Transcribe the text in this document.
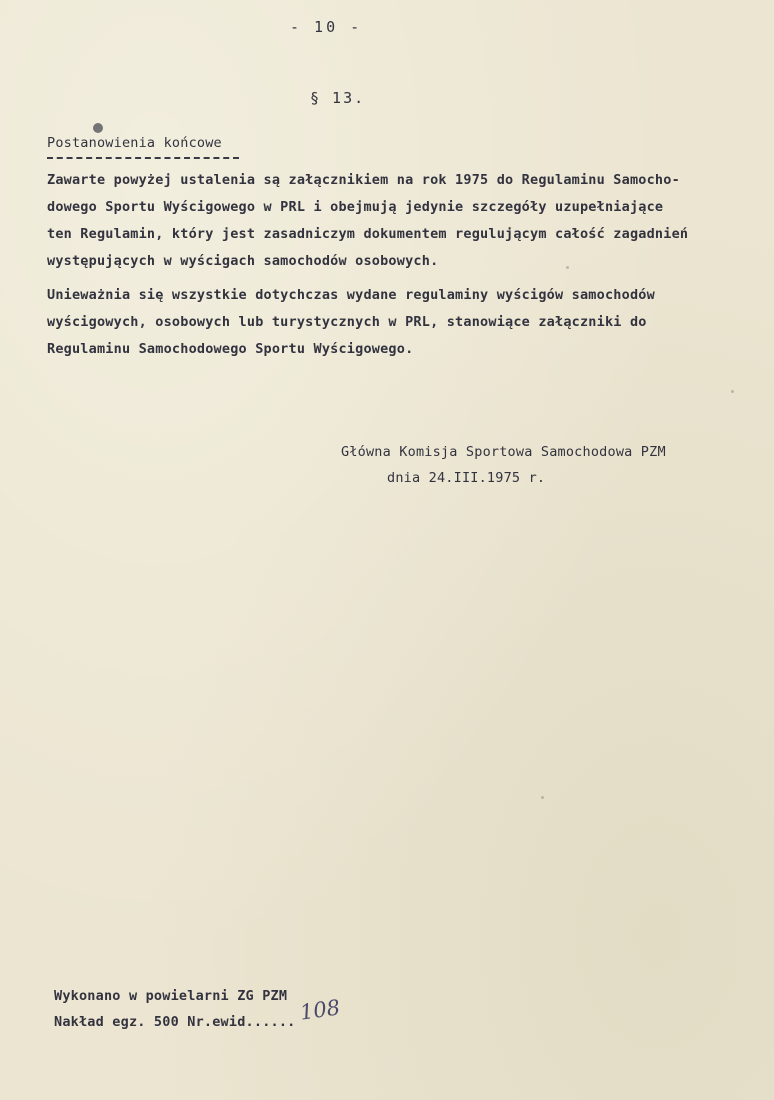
- 10 -
§ 13.
Postanowienia końcowe
Zawarte powyżej ustalenia są załącznikiem na rok 1975 do Regulaminu Samocho-
dowego Sportu Wyścigowego w PRL i obejmują jedynie szczegóły uzupełniające
ten Regulamin, który jest zasadniczym dokumentem regulującym całość zagadnień
występujących w wyścigach samochodów osobowych.
Unieważnia się wszystkie dotychczas wydane regulaminy wyścigów samochodów
wyścigowych, osobowych lub turystycznych w PRL, stanowiące załączniki do
Regulaminu Samochodowego Sportu Wyścigowego.
Główna Komisja Sportowa Samochodowa PZM
dnia 24.III.1975 r.
Wykonano w powielarni ZG PZM
Nakład egz. 500 Nr.ewid...... 108
